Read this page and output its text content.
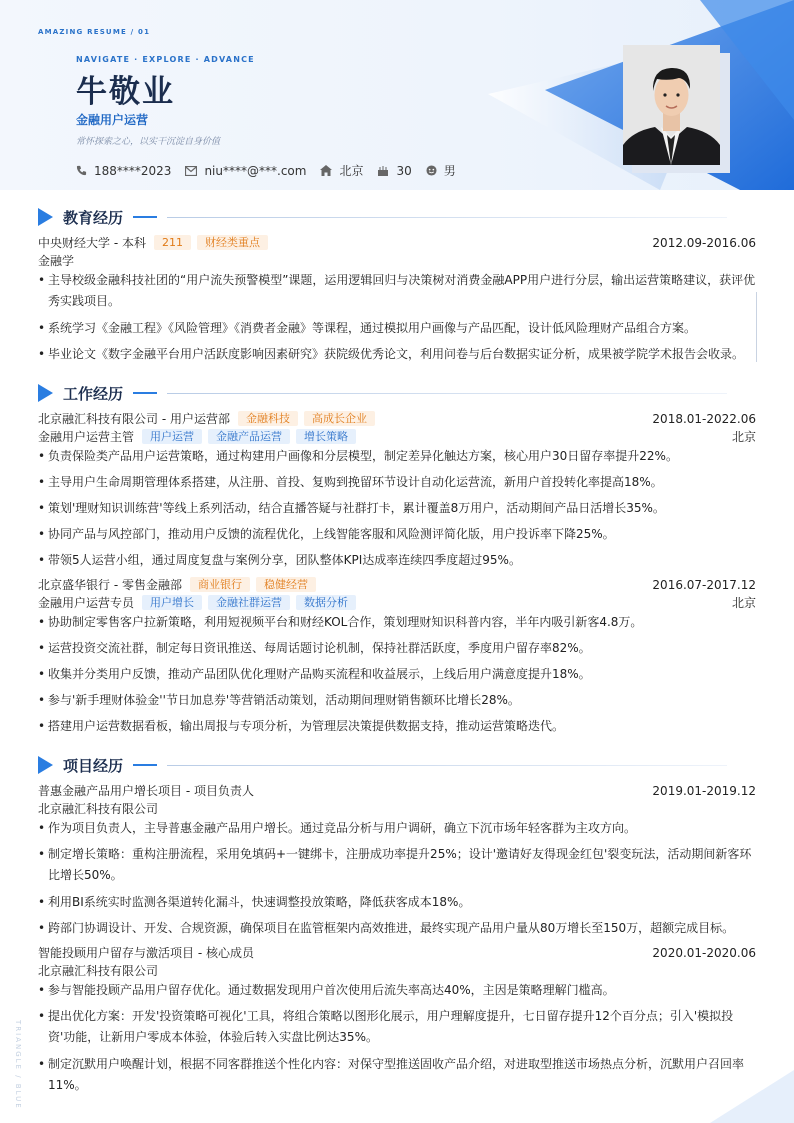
AMAZING RESUME / 01
NAVIGATE · EXPLORE · ADVANCE
牛敬业
金融用户运营
常怀探索之心，以实干沉淀自身价值
188****2023	niu****@***.com	北京	30	男
教育经历
中央财经大学 - 本科	211	财经类重点	2012.09-2016.06
金融学
• 主导校级金融科技社团的“用户流失预警模型”课题，运用逻辑回归与决策树对消费金融APP用户进行分层，输出运营策略建议，获评优秀实践项目。
• 系统学习《金融工程》《风险管理》《消费者金融》等课程，通过模拟用户画像与产品匹配，设计低风险理财产品组合方案。
• 毕业论文《数字金融平台用户活跃度影响因素研究》获院级优秀论文，利用问卷与后台数据实证分析，成果被学院学术报告会收录。
工作经历
北京融汇科技有限公司 - 用户运营部	金融科技	高成长企业	2018.01-2022.06
金融用户运营主管	用户运营	金融产品运营	增长策略	北京
• 负责保险类产品用户运营策略，通过构建用户画像和分层模型，制定差异化触达方案，核心用户30日留存率提升22%。
• 主导用户生命周期管理体系搭建，从注册、首投、复购到挽留环节设计自动化运营流，新用户首投转化率提高18%。
• 策划'理财知识训练营'等线上系列活动，结合直播答疑与社群打卡，累计覆盖8万用户，活动期间产品日活增长35%。
• 协同产品与风控部门，推动用户反馈的流程优化，上线智能客服和风险测评简化版，用户投诉率下降25%。
• 带领5人运营小组，通过周度复盘与案例分享，团队整体KPI达成率连续四季度超过95%。
北京盛华银行 - 零售金融部	商业银行	稳健经营	2016.07-2017.12
金融用户运营专员	用户增长	金融社群运营	数据分析	北京
• 协助制定零售客户拉新策略，利用短视频平台和财经KOL合作，策划理财知识科普内容，半年内吸引新客4.8万。
• 运营投资交流社群，制定每日资讯推送、每周话题讨论机制，保持社群活跃度，季度用户留存率82%。
• 收集并分类用户反馈，推动产品团队优化理财产品购买流程和收益展示，上线后用户满意度提升18%。
• 参与'新手理财体验金''节日加息券'等营销活动策划，活动期间理财销售额环比增长28%。
• 搭建用户运营数据看板，输出周报与专项分析，为管理层决策提供数据支持，推动运营策略迭代。
项目经历
普惠金融产品用户增长项目 - 项目负责人	2019.01-2019.12
北京融汇科技有限公司
• 作为项目负责人，主导普惠金融产品用户增长。通过竞品分析与用户调研，确立下沉市场年轻客群为主攻方向。
• 制定增长策略：重构注册流程，采用免填码+一键绑卡，注册成功率提升25%；设计'邀请好友得现金红包'裂变玩法，活动期间新客环比增长50%。
• 利用BI系统实时监测各渠道转化漏斗，快速调整投放策略，降低获客成本18%。
• 跨部门协调设计、开发、合规资源，确保项目在监管框架内高效推进，最终实现产品用户量从80万增长至150万，超额完成目标。
智能投顾用户留存与激活项目 - 核心成员	2020.01-2020.06
北京融汇科技有限公司
• 参与智能投顾产品用户留存优化。通过数据发现用户首次使用后流失率高达40%，主因是策略理解门槛高。
• 提出优化方案：开发'投资策略可视化'工具，将组合策略以图形化展示，用户理解度提升，七日留存提升12个百分点；引入'模拟投资'功能，让新用户零成本体验，体验后转入实盘比例达35%。
• 制定沉默用户唤醒计划，根据不同客群推送个性化内容：对保守型推送固收产品介绍，对进取型推送市场热点分析，沉默用户召回率11%。
TRIANGLE / BLUE
